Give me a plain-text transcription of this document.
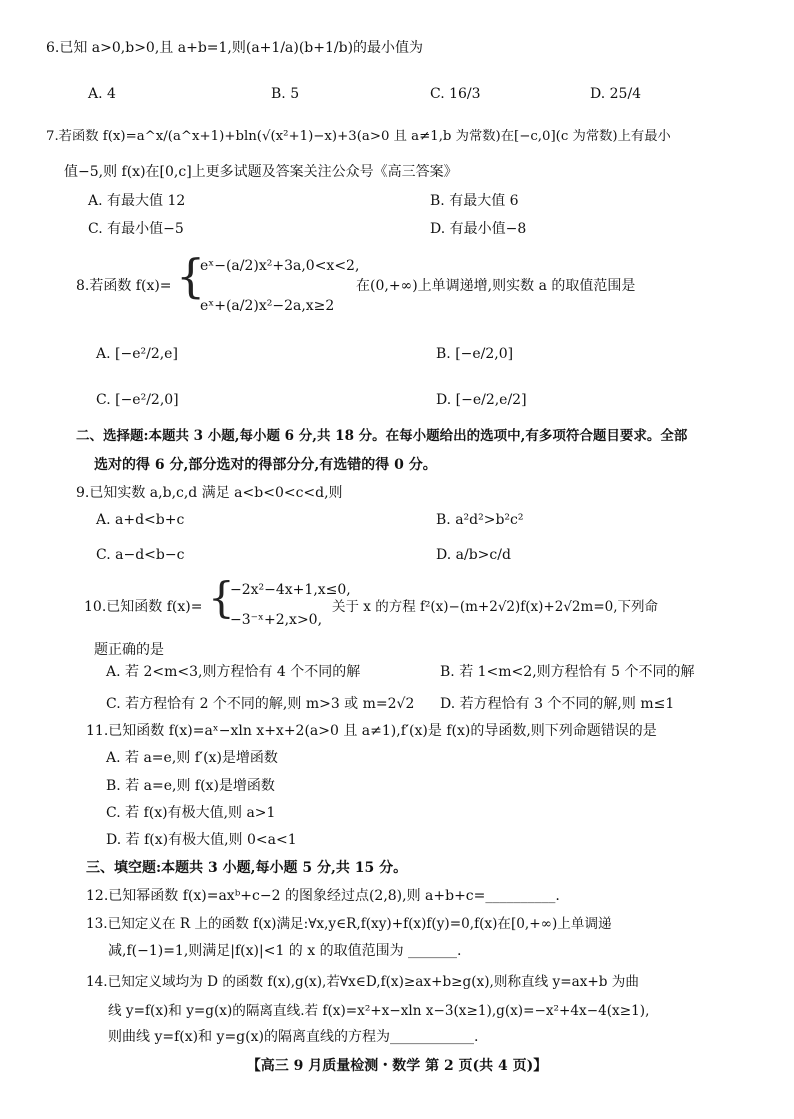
6.已知 a>0,b>0,且 a+b=1,则(a+1/a)(b+1/b)的最小值为
A. 4	B. 5	C. 16/3	D. 25/4
7.若函数 f(x)=a^x/(a^x+1)+bln(√(x²+1)−x)+3(a>0 且 a≠1,b 为常数)在[−c,0](c 为常数)上有最小
值−5,则 f(x)在[0,c]上更多试题及答案关注公众号《高三答案》
A. 有最大值 12	B. 有最大值 6
C. 有最小值−5	D. 有最小值−8
8.若函数 f(x)= {
eˣ−(a/2)x²+3a,0<x<2,
eˣ+(a/2)x²−2a,x≥2
在(0,+∞)上单调递增,则实数 a 的取值范围是
A. [−e²/2,e]	B. [−e/2,0]
C. [−e²/2,0]	D. [−e/2,e/2]
二、选择题:本题共 3 小题,每小题 6 分,共 18 分。在每小题给出的选项中,有多项符合题目要求。全部
选对的得 6 分,部分选对的得部分分,有选错的得 0 分。
9.已知实数 a,b,c,d 满足 a<b<0<c<d,则
A. a+d<b+c	B. a²d²>b²c²
C. a−d<b−c	D. a/b>c/d
10.已知函数 f(x)= {
−2x²−4x+1,x≤0,
−3⁻ˣ+2,x>0,
关于 x 的方程 f²(x)−(m+2√2)f(x)+2√2m=0,下列命
题正确的是
A. 若 2<m<3,则方程恰有 4 个不同的解	B. 若 1<m<2,则方程恰有 5 个不同的解
C. 若方程恰有 2 个不同的解,则 m>3 或 m=2√2 D. 若方程恰有 3 个不同的解,则 m≤1
11.已知函数 f(x)=aˣ−xln x+x+2(a>0 且 a≠1),f′(x)是 f(x)的导函数,则下列命题错误的是
A. 若 a=e,则 f′(x)是增函数
B. 若 a=e,则 f(x)是增函数
C. 若 f(x)有极大值,则 a>1
D. 若 f(x)有极大值,则 0<a<1
三、填空题:本题共 3 小题,每小题 5 分,共 15 分。
12.已知幂函数 f(x)=axᵇ+c−2 的图象经过点(2,8),则 a+b+c=__________.
13.已知定义在 R 上的函数 f(x)满足:∀x,y∈R,f(xy)+f(x)f(y)=0,f(x)在[0,+∞)上单调递
减,f(−1)=1,则满足|f(x)|<1 的 x 的取值范围为 _______.
14.已知定义域均为 D 的函数 f(x),g(x),若∀x∈D,f(x)≥ax+b≥g(x),则称直线 y=ax+b 为曲
线 y=f(x)和 y=g(x)的隔离直线.若 f(x)=x²+x−xln x−3(x≥1),g(x)=−x²+4x−4(x≥1),
则曲线 y=f(x)和 y=g(x)的隔离直线的方程为____________.
【高三 9 月质量检测・数学 第 2 页(共 4 页)】
